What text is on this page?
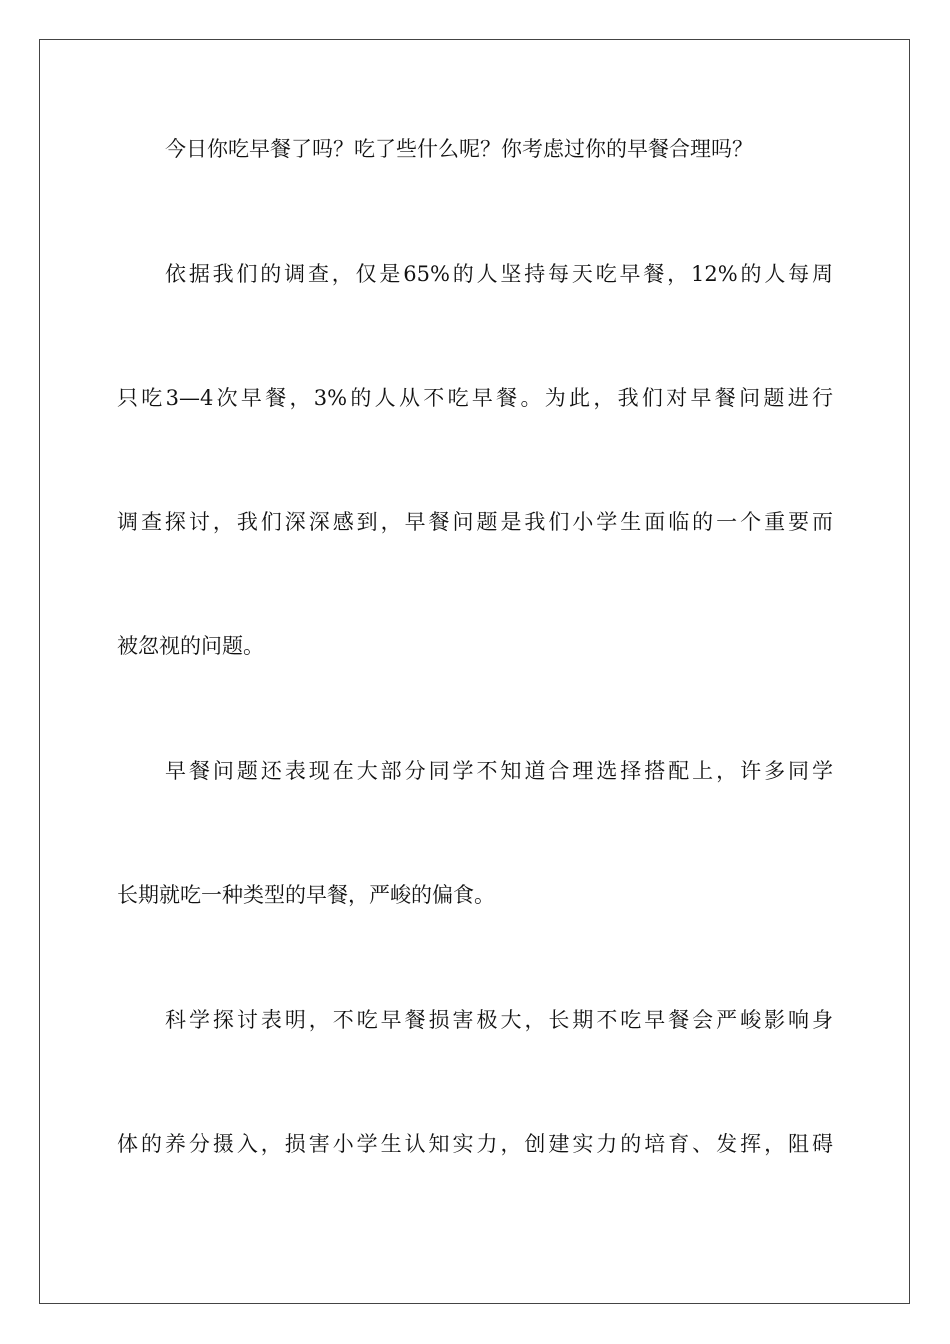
今日你吃早餐了吗？吃了些什么呢？你考虑过你的早餐合理吗？
依据我们的调查，仅是65%的人坚持每天吃早餐，12%的人每周
只吃3—4次早餐，3%的人从不吃早餐。为此，我们对早餐问题进行
调查探讨，我们深深感到，早餐问题是我们小学生面临的一个重要而
被忽视的问题。
早餐问题还表现在大部分同学不知道合理选择搭配上，许多同学
长期就吃一种类型的早餐，严峻的偏食。
科学探讨表明，不吃早餐损害极大，长期不吃早餐会严峻影响身
体的养分摄入，损害小学生认知实力，创建实力的培育、发挥，阻碍
